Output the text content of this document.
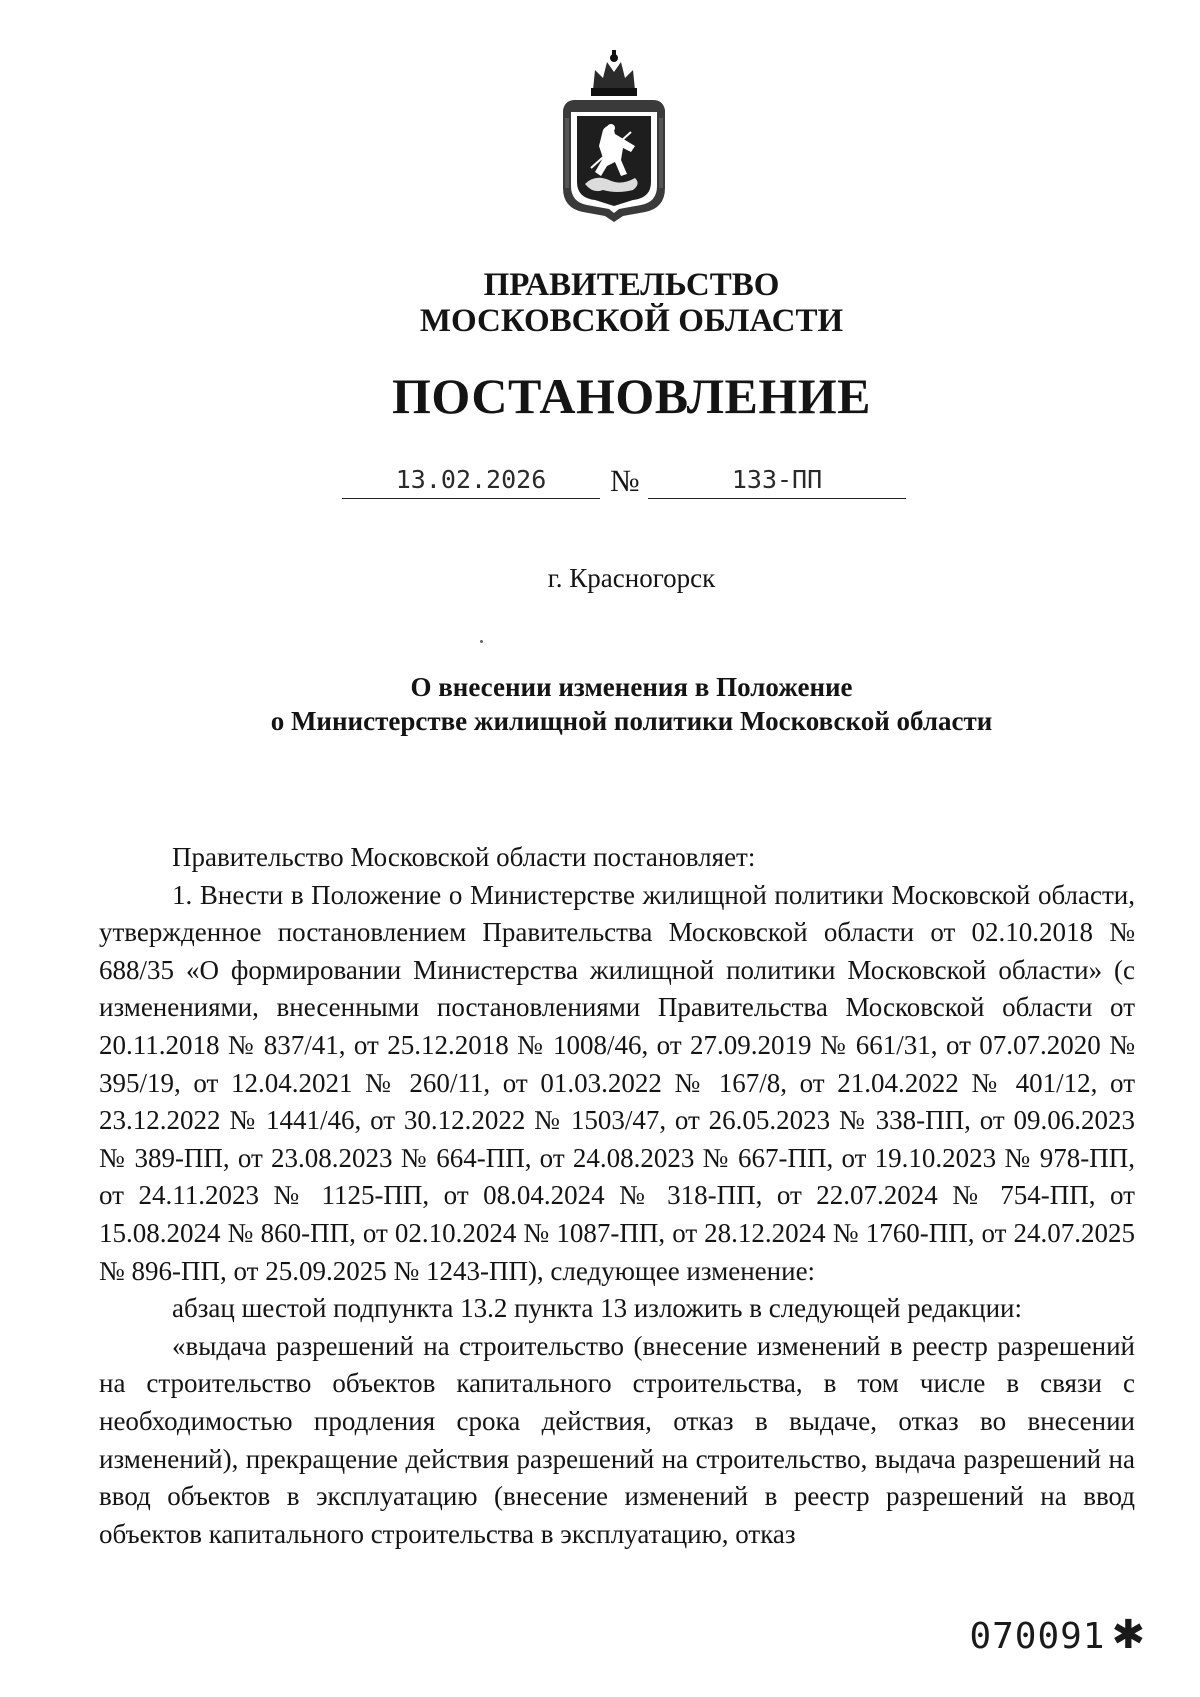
ПРАВИТЕЛЬСТВО
МОСКОВСКОЙ ОБЛАСТИ
ПОСТАНОВЛЕНИЕ
13.02.2026	133-ПП
№
г. Красногорск
О внесении изменения в Положение
о Министерстве жилищной политики Московской области

Правительство Московской области постановляет:

1. Внести в Положение о Министерстве жилищной политики Московской области, утвержденное постановлением Правительства Московской области от 02.10.2018 № 688/35 «О формировании Министерства жилищной политики Московской области» (с изменениями, внесенными постановлениями Правительства Московской области от 20.11.2018 № 837/41, от 25.12.2018 № 1008/46, от 27.09.2019 № 661/31, от 07.07.2020 № 395/19, от 12.04.2021 № 260/11, от 01.03.2022 № 167/8, от 21.04.2022 № 401/12, от 23.12.2022 № 1441/46, от 30.12.2022 № 1503/47, от 26.05.2023 № 338-ПП, от 09.06.2023 № 389-ПП, от 23.08.2023 № 664-ПП, от 24.08.2023 № 667-ПП, от 19.10.2023 № 978-ПП, от 24.11.2023 № 1125-ПП, от 08.04.2024 № 318-ПП, от 22.07.2024 № 754-ПП, от 15.08.2024 № 860-ПП, от 02.10.2024 № 1087-ПП, от 28.12.2024 № 1760-ПП, от 24.07.2025 № 896-ПП, от 25.09.2025 № 1243-ПП), следующее изменение:

абзац шестой подпункта 13.2 пункта 13 изложить в следующей редакции:

«выдача разрешений на строительство (внесение изменений в реестр разрешений на строительство объектов капитального строительства, в том числе в связи с необходимостью продления срока действия, отказ в выдаче, отказ во внесении изменений), прекращение действия разрешений на строительство, выдача разрешений на ввод объектов в эксплуатацию (внесение изменений в реестр разрешений на ввод объектов капитального строительства в эксплуатацию, отказ

070091 ✱
